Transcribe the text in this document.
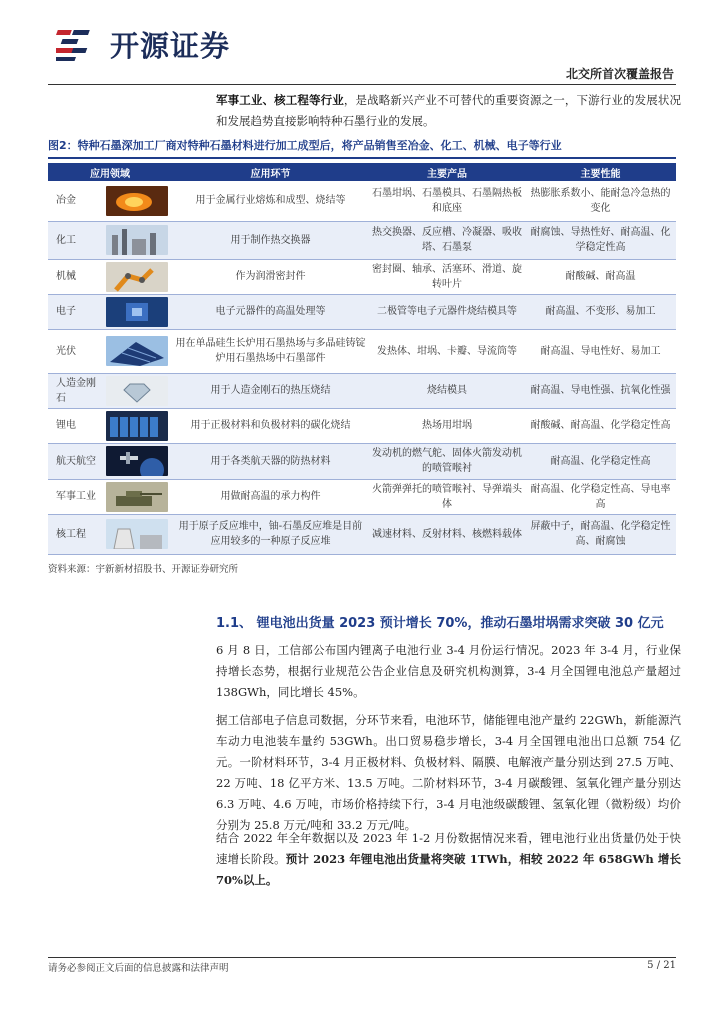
开源证券
北交所首次覆盖报告
军事工业、核工程等行业，是战略新兴产业不可替代的重要资源之一，下游行业的发展状况和发展趋势直接影响特种石墨行业的发展。
图2：特种石墨深加工厂商对特种石墨材料进行加工成型后，将产品销售至冶金、化工、机械、电子等行业
应用领域		应用环节	主要产品	主要性能
冶金		用于金属行业熔炼和成型、烧结等	石墨坩埚、石墨模具、石墨隔热板和底座	热膨胀系数小、能耐急冷急热的变化
化工		用于制作热交换器	热交换器、反应槽、冷凝器、吸收塔、石墨泵	耐腐蚀、导热性好、耐高温、化学稳定性高
机械		作为润滑密封件	密封圈、轴承、活塞环、滑道、旋转叶片	耐酸碱、耐高温
电子		电子元器件的高温处理等	二极管等电子元器件烧结模具等	耐高温、不变形、易加工
光伏		用在单晶硅生长炉用石墨热场与多晶硅铸锭炉用石墨热场中石墨部件	发热体、坩埚、卡瓣、导流筒等	耐高温、导电性好、易加工
人造金刚石		用于人造金刚石的热压烧结	烧结模具	耐高温、导电性强、抗氧化性强
锂电		用于正极材料和负极材料的碳化烧结	热场用坩埚	耐酸碱、耐高温、化学稳定性高
航天航空		用于各类航天器的防热材料	发动机的燃气舵、固体火箭发动机的喷管喉衬	耐高温、化学稳定性高
军事工业		用做耐高温的承力构件	火箭弹弹托的喷管喉衬、导弹端头体	耐高温、化学稳定性高、导电率高
核工程		用于原子反应堆中，铀-石墨反应堆是目前应用较多的一种原子反应堆	减速材料、反射材料、核燃料载体	屏蔽中子，耐高温、化学稳定性高、耐腐蚀
资料来源：宇新新材招股书、开源证券研究所
1.1、 锂电池出货量 2023 预计增长 70%，推动石墨坩埚需求突破 30 亿元
6 月 8 日，工信部公布国内锂离子电池行业 3-4 月份运行情况。2023 年 3-4 月，行业保持增长态势，根据行业规范公告企业信息及研究机构测算，3-4 月全国锂电池总产量超过 138GWh，同比增长 45%。
据工信部电子信息司数据，分环节来看，电池环节，储能锂电池产量约 22GWh，新能源汽车动力电池装车量约 53GWh。出口贸易稳步增长，3-4 月全国锂电池出口总额 754 亿元。一阶材料环节，3-4 月正极材料、负极材料、隔膜、电解液产量分别达到 27.5 万吨、22 万吨、18 亿平方米、13.5 万吨。二阶材料环节，3-4 月碳酸锂、氢氧化锂产量分别达 6.3 万吨、4.6 万吨，市场价格持续下行，3-4 月电池级碳酸锂、氢氧化锂（微粉级）均价分别为 25.8 万元/吨和 33.2 万元/吨。
结合 2022 年全年数据以及 2023 年 1-2 月份数据情况来看，锂电池行业出货量仍处于快速增长阶段。预计 2023 年锂电池出货量将突破 1TWh，相较 2022 年 658GWh 增长 70%以上。
请务必参阅正文后面的信息披露和法律声明	5 / 21
